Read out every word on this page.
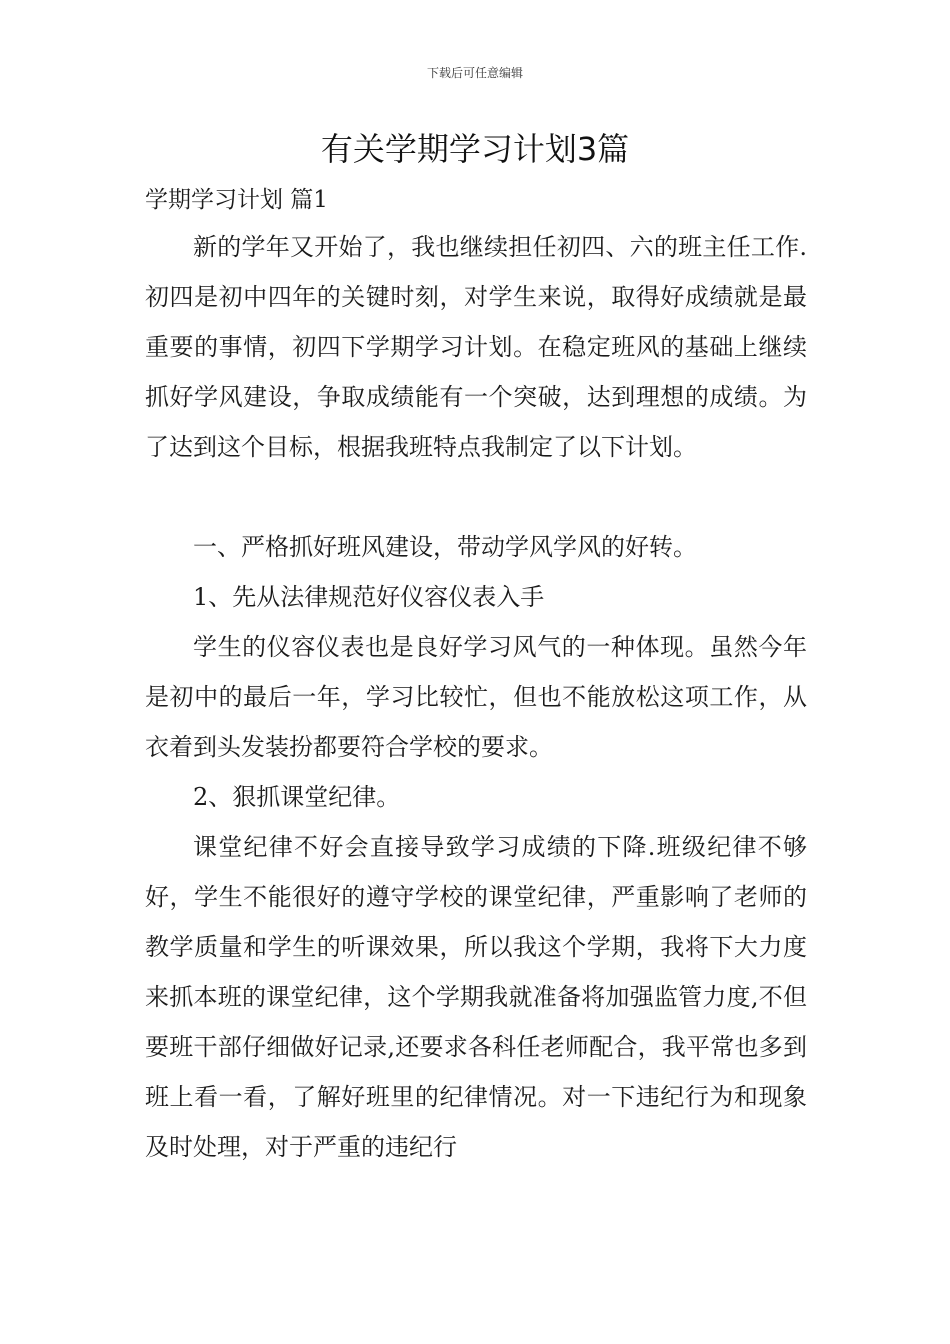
下载后可任意编辑
有关学期学习计划3篇

学期学习计划 篇1

新的学年又开始了，我也继续担任初四、六的班主任工作.初四是初中四年的关键时刻，对学生来说，取得好成绩就是最重要的事情，初四下学期学习计划。在稳定班风的基础上继续抓好学风建设，争取成绩能有一个突破，达到理想的成绩。为了达到这个目标，根据我班特点我制定了以下计划。

一、严格抓好班风建设，带动学风学风的好转。

1、先从法律规范好仪容仪表入手

学生的仪容仪表也是良好学习风气的一种体现。虽然今年是初中的最后一年，学习比较忙，但也不能放松这项工作，从衣着到头发装扮都要符合学校的要求。

2、狠抓课堂纪律。

课堂纪律不好会直接导致学习成绩的下降.班级纪律不够好，学生不能很好的遵守学校的课堂纪律，严重影响了老师的教学质量和学生的听课效果，所以我这个学期，我将下大力度来抓本班的课堂纪律，这个学期我就准备将加强监管力度,不但要班干部仔细做好记录,还要求各科任老师配合，我平常也多到班上看一看，了解好班里的纪律情况。对一下违纪行为和现象及时处理，对于严重的违纪行
